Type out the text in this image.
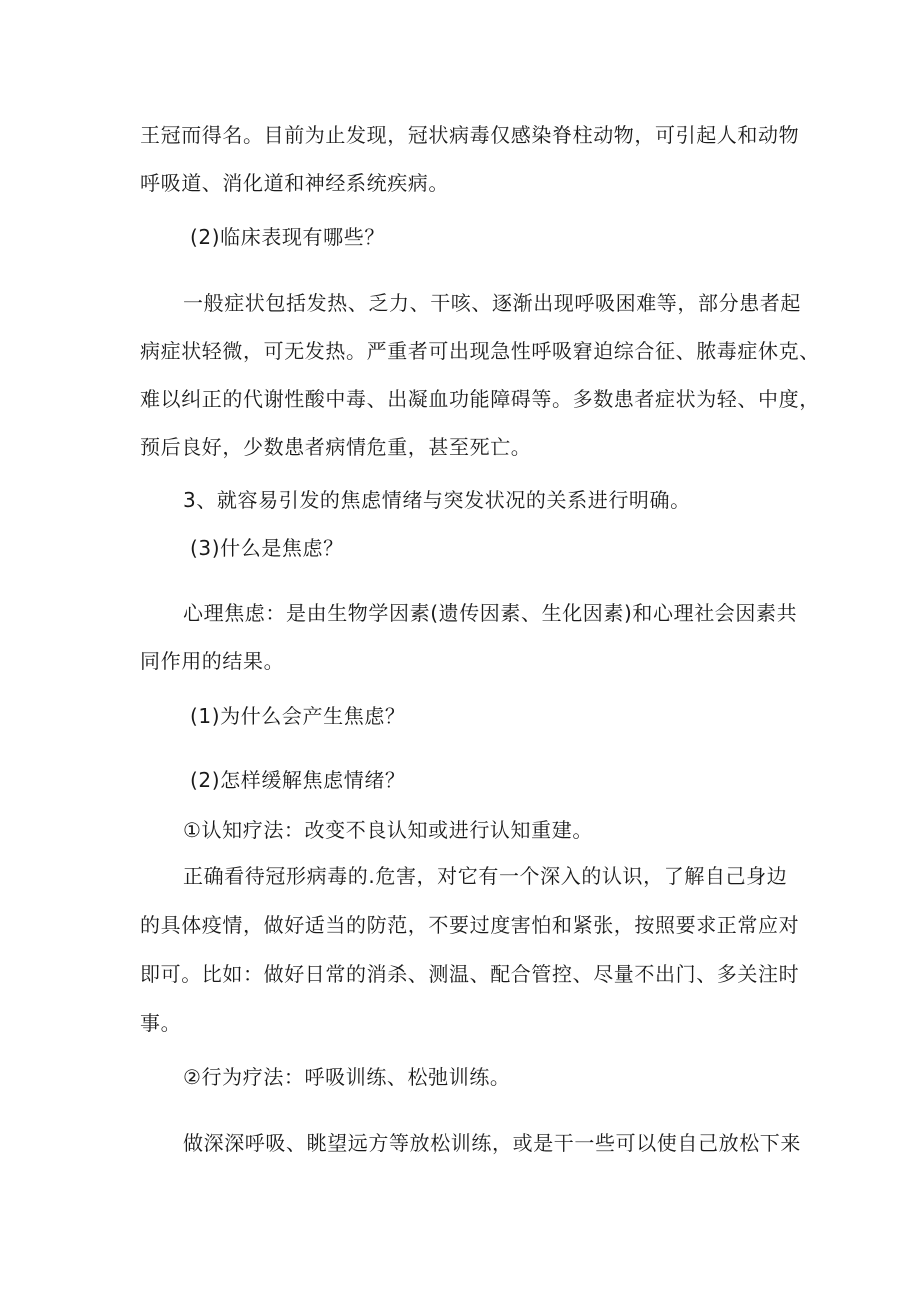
王冠而得名。目前为止发现，冠状病毒仅感染脊柱动物，可引起人和动物
呼吸道、消化道和神经系统疾病。
(2)临床表现有哪些？
一般症状包括发热、乏力、干咳、逐渐出现呼吸困难等，部分患者起
病症状轻微，可无发热。严重者可出现急性呼吸窘迫综合征、脓毒症休克、
难以纠正的代谢性酸中毒、出凝血功能障碍等。多数患者症状为轻、中度，
预后良好，少数患者病情危重，甚至死亡。
3、就容易引发的焦虑情绪与突发状况的关系进行明确。
(3)什么是焦虑？
心理焦虑：是由生物学因素(遗传因素、生化因素)和心理社会因素共
同作用的结果。
(1)为什么会产生焦虑？
(2)怎样缓解焦虑情绪？
①认知疗法：改变不良认知或进行认知重建。
正确看待冠形病毒的.危害，对它有一个深入的认识，了解自己身边
的具体疫情，做好适当的防范，不要过度害怕和紧张，按照要求正常应对
即可。比如：做好日常的消杀、测温、配合管控、尽量不出门、多关注时
事。
②行为疗法：呼吸训练、松弛训练。
做深深呼吸、眺望远方等放松训练，或是干一些可以使自己放松下来
